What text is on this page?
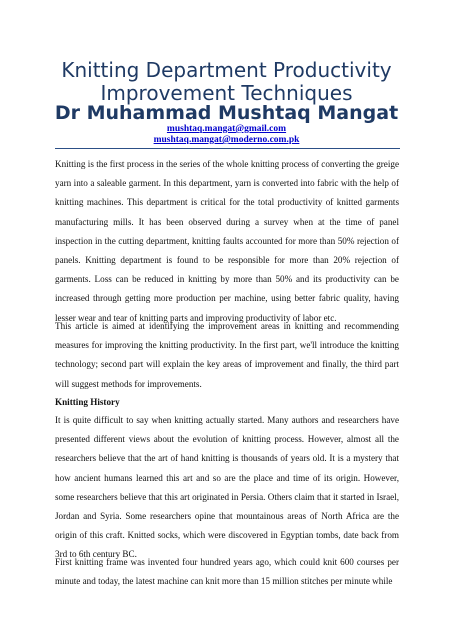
Knitting Department Productivity
Improvement Techniques
Dr Muhammad Mushtaq Mangat
mushtaq.mangat@gmail.com
mushtaq.mangat@moderno.com.pk

Knitting is the first process in the series of the whole knitting process of converting the greige yarn into a saleable garment. In this department, yarn is converted into fabric with the help of knitting machines. This department is critical for the total productivity of knitted garments manufacturing mills. It has been observed during a survey when at the time of panel inspection in the cutting department, knitting faults accounted for more than 50% rejection of panels. Knitting department is found to be responsible for more than 20% rejection of garments. Loss can be reduced in knitting by more than 50% and its productivity can be increased through getting more production per machine, using better fabric quality, having lesser wear and tear of knitting parts and improving productivity of labor etc.

This article is aimed at identifying the improvement areas in knitting and recommending measures for improving the knitting productivity. In the first part, we'll introduce the knitting technology; second part will explain the key areas of improvement and finally, the third part will suggest methods for improvements.

Knitting History

It is quite difficult to say when knitting actually started. Many authors and researchers have presented different views about the evolution of knitting process. However, almost all the researchers believe that the art of hand knitting is thousands of years old. It is a mystery that how ancient humans learned this art and so are the place and time of its origin. However, some researchers believe that this art originated in Persia. Others claim that it started in Israel, Jordan and Syria. Some researchers opine that mountainous areas of North Africa are the origin of this craft. Knitted socks, which were discovered in Egyptian tombs, date back from 3rd to 6th century BC.

First knitting frame was invented four hundred years ago, which could knit 600 courses per minute and today, the latest machine can knit more than 15 million stitches per minute while
